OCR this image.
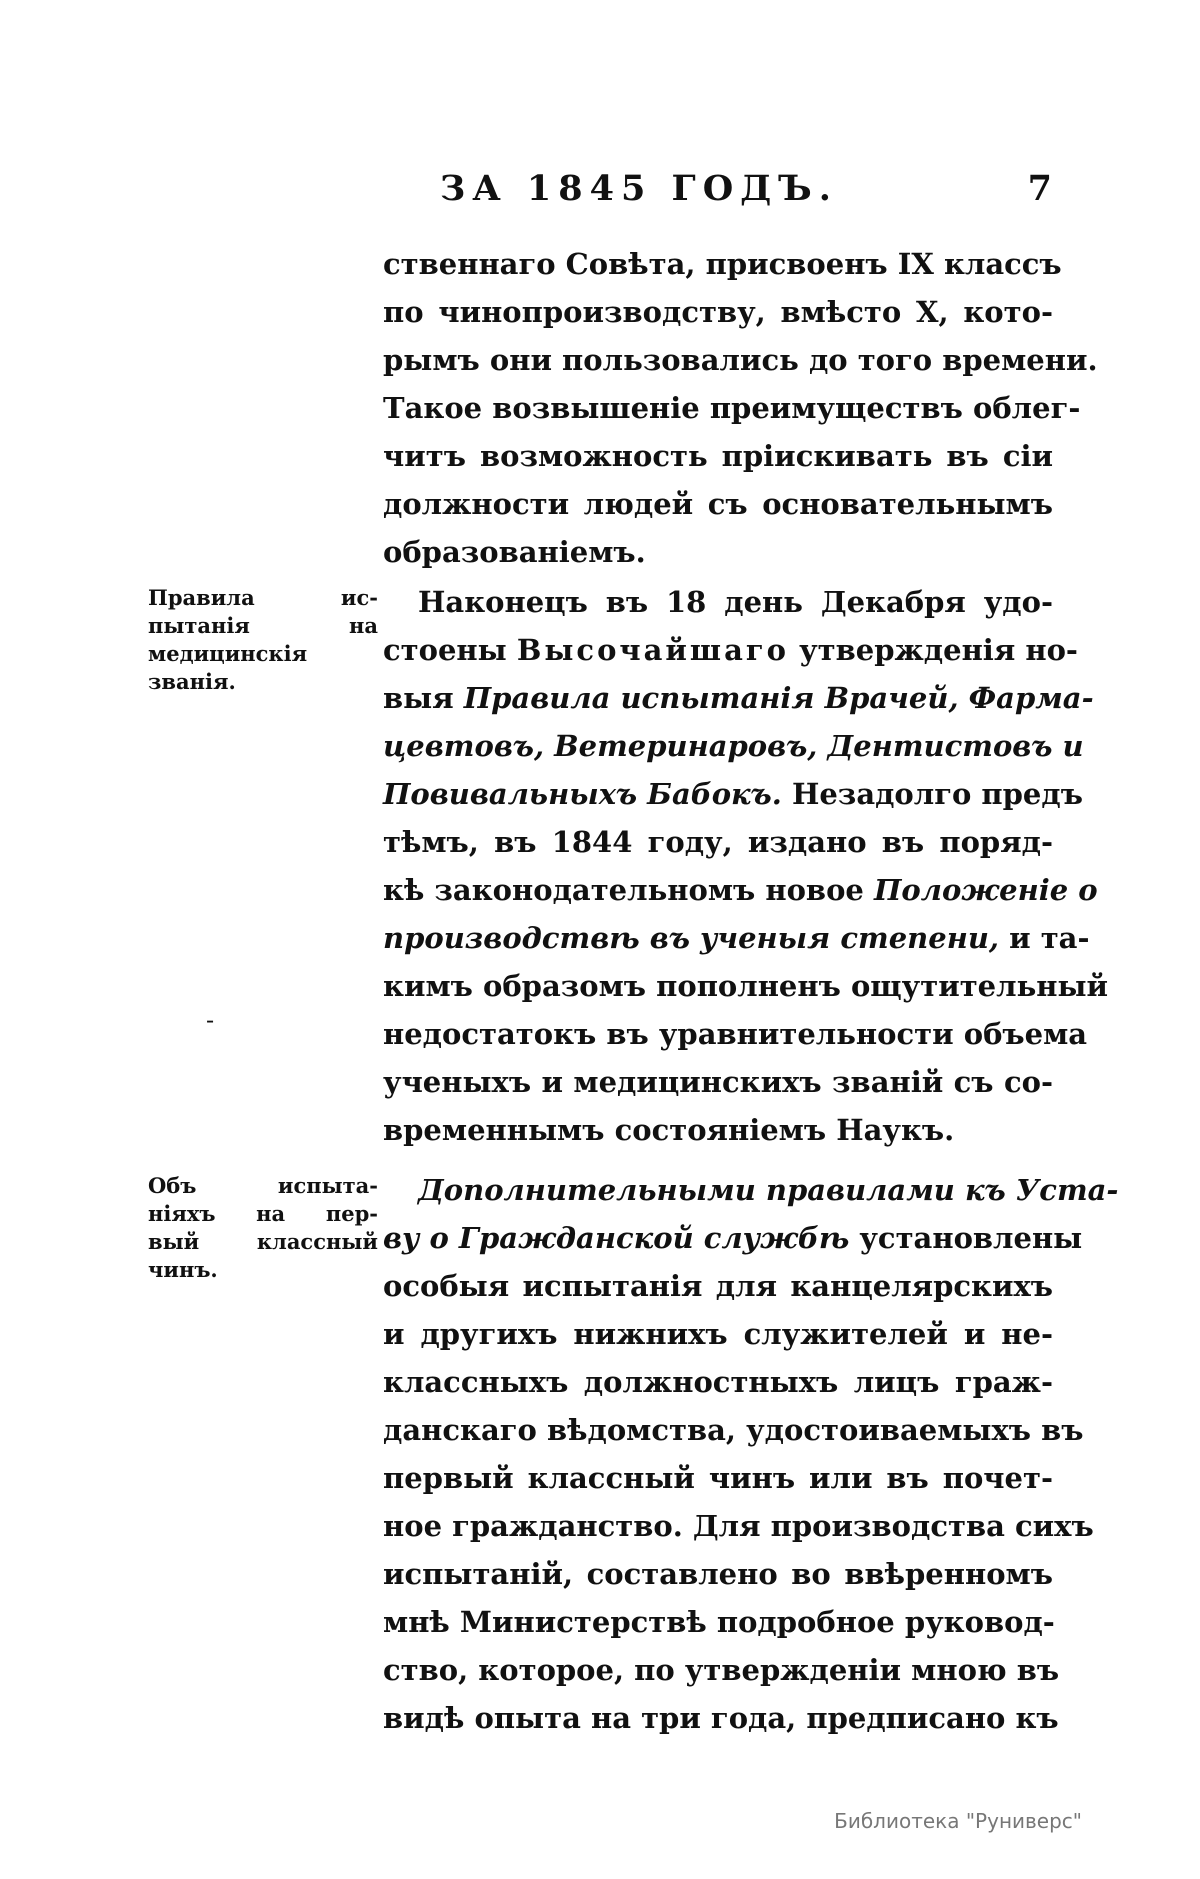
ЗА 1845 ГОДЪ.	7
ственнаго Совѣта, присвоенъ IX классъ
по чинопроизводству, вмѣсто X, кото-
рымъ они пользовались до того времени.
Такое возвышеніе преимуществъ облег-
читъ возможность пріискивать въ сіи
должности людей съ основательнымъ
образованіемъ.
Правила ис-
пытанія на
медицинскія
званія.
Наконецъ въ 18 день Декабря удо-
стоены Высочайшаго утвержденія но-
выя Правила испытанія Врачей, Фарма-
цевтовъ, Ветеринаровъ, Дентистовъ и
Повивальныхъ Бабокъ. Незадолго предъ
тѣмъ, въ 1844 году, издано въ поряд-
кѣ законодательномъ новое Положеніе о
производствѣ въ ученыя степени, и та-
кимъ образомъ пополненъ ощутительный
недостатокъ въ уравнительности объема
ученыхъ и медицинскихъ званій съ со-
временнымъ состояніемъ Наукъ.
-
Объ испыта-
ніяхъ на пер-
вый классный
чинъ.
Дополнительными правилами къ Уста-
ву о Гражданской службѣ установлены
особыя испытанія для канцелярскихъ
и другихъ нижнихъ служителей и не-
классныхъ должностныхъ лицъ граж-
данскаго вѣдомства, удостоиваемыхъ въ
первый классный чинъ или въ почет-
ное гражданство. Для производства сихъ
испытаній, составлено во ввѣренномъ
мнѣ Министерствѣ подробное руковод-
ство, которое, по утвержденіи мною въ
видѣ опыта на три года, предписано къ
Библиотека "Руниверс"
